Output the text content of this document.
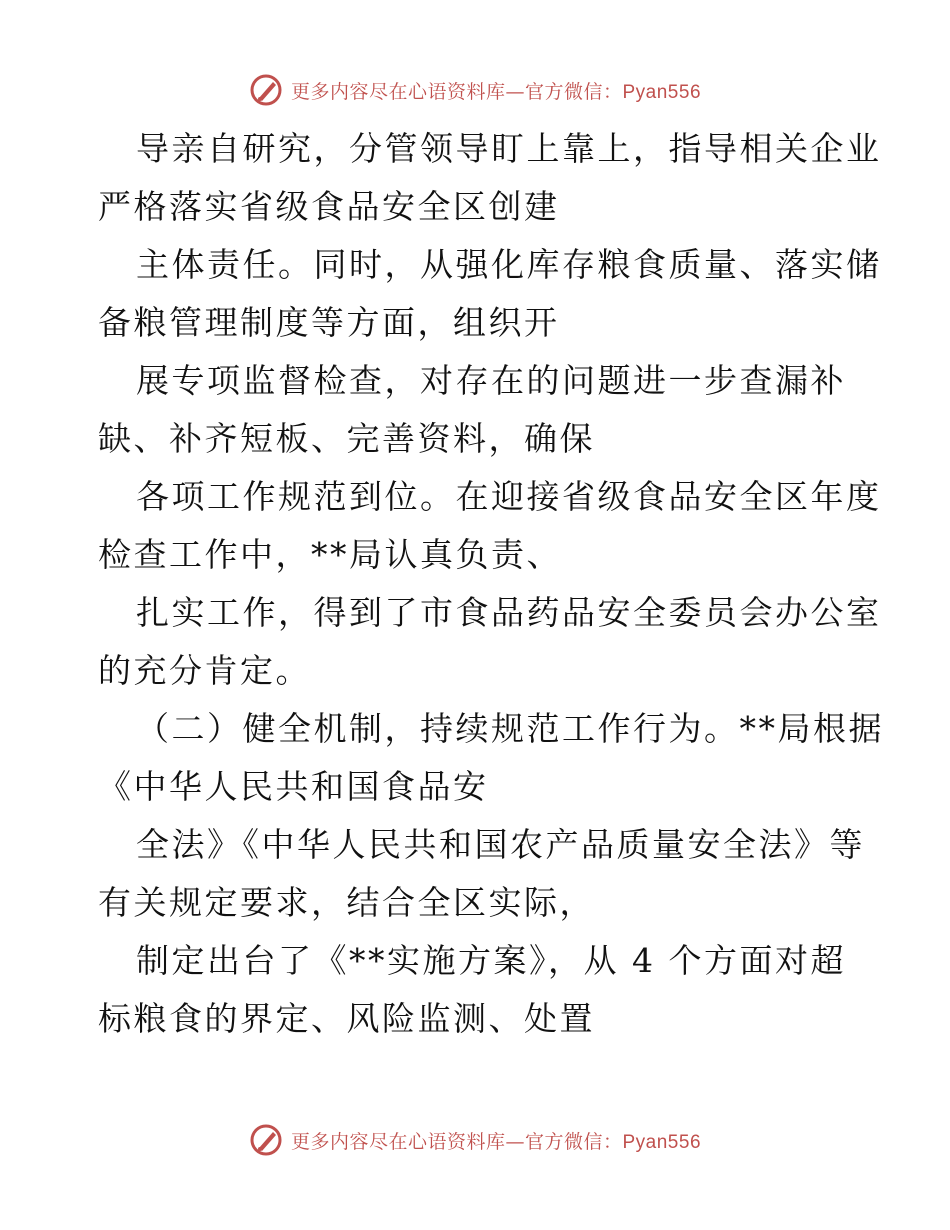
更多内容尽在心语资料库—官方微信：Pyan556
导亲自研究，分管领导盯上靠上，指导相关企业
严格落实省级食品安全区创建
主体责任。同时，从强化库存粮食质量、落实储
备粮管理制度等方面，组织开
展专项监督检查，对存在的问题进一步查漏补
缺、补齐短板、完善资料，确保
各项工作规范到位。在迎接省级食品安全区年度
检查工作中，**局认真负责、
扎实工作，得到了市食品药品安全委员会办公室
的充分肯定。
（二）健全机制，持续规范工作行为。**局根据
《中华人民共和国食品安
全法》《中华人民共和国农产品质量安全法》等
有关规定要求，结合全区实际，
制定出台了《**实施方案》，从 4 个方面对超
标粮食的界定、风险监测、处置
更多内容尽在心语资料库—官方微信：Pyan556
